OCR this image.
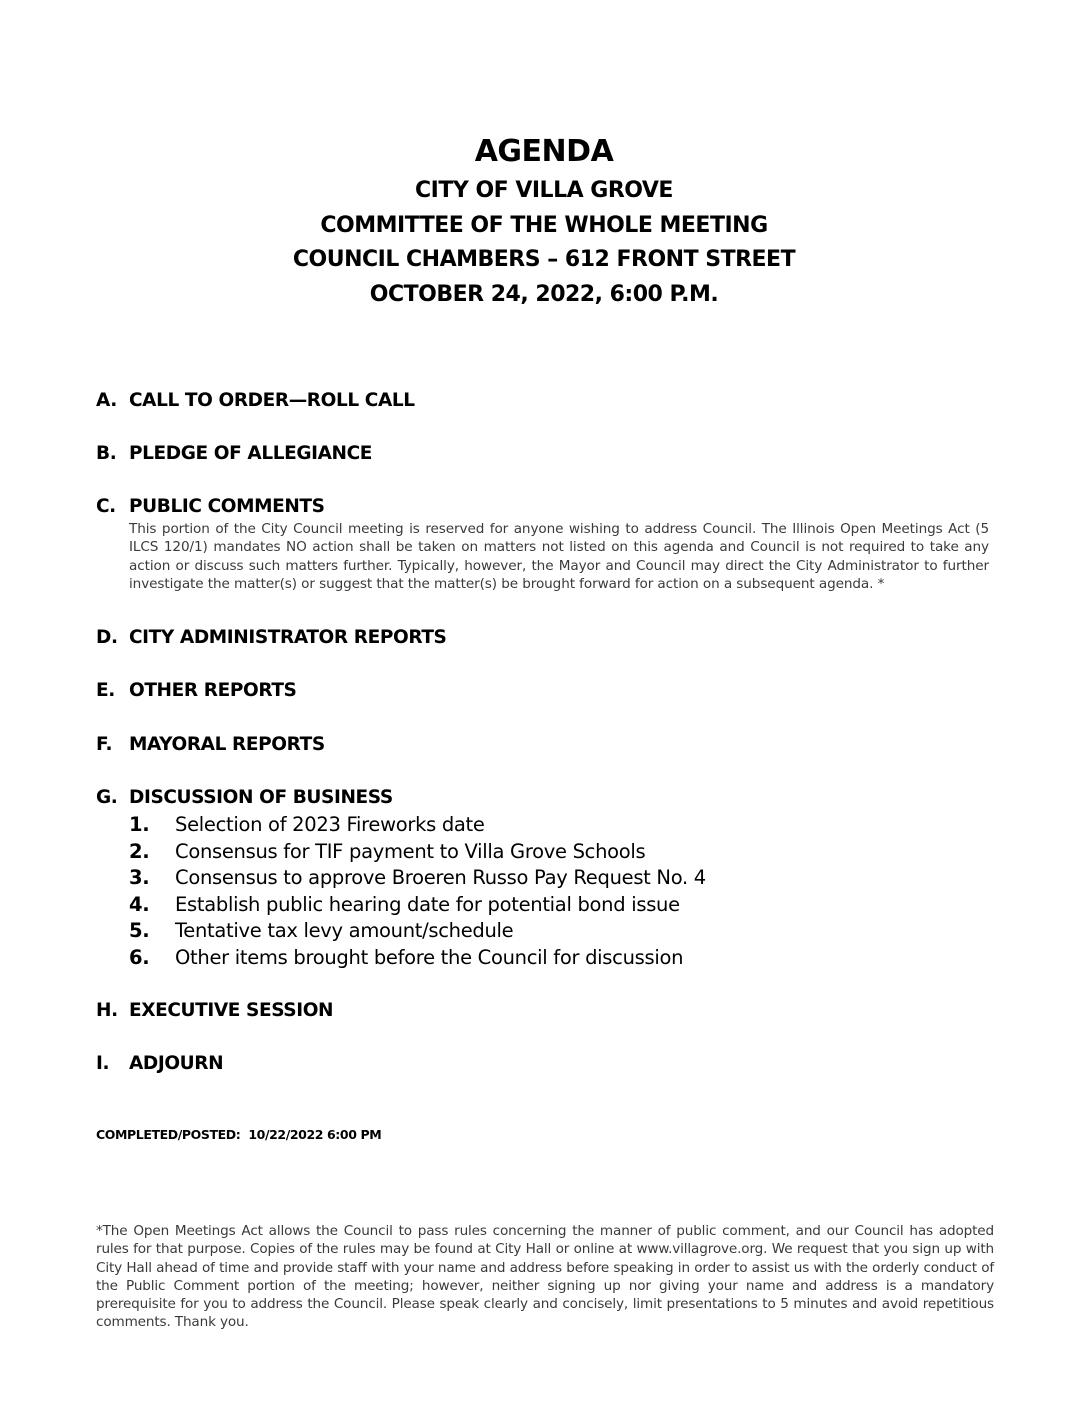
AGENDA
CITY OF VILLA GROVE
COMMITTEE OF THE WHOLE MEETING
COUNCIL CHAMBERS – 612 FRONT STREET
OCTOBER 24, 2022, 6:00 P.M.
A. CALL TO ORDER—ROLL CALL
B. PLEDGE OF ALLEGIANCE
C. PUBLIC COMMENTS
This portion of the City Council meeting is reserved for anyone wishing to address Council. The Illinois Open Meetings Act (5 ILCS 120/1) mandates NO action shall be taken on matters not listed on this agenda and Council is not required to take any action or discuss such matters further. Typically, however, the Mayor and Council may direct the City Administrator to further investigate the matter(s) or suggest that the matter(s) be brought forward for action on a subsequent agenda. *
D. CITY ADMINISTRATOR REPORTS
E. OTHER REPORTS
F. MAYORAL REPORTS
G. DISCUSSION OF BUSINESS
1.	Selection of 2023 Fireworks date
2.	Consensus for TIF payment to Villa Grove Schools
3.	Consensus to approve Broeren Russo Pay Request No. 4
4.	Establish public hearing date for potential bond issue
5.	Tentative tax levy amount/schedule
6.	Other items brought before the Council for discussion
H. EXECUTIVE SESSION
I.	ADJOURN
COMPLETED/POSTED: 10/22/2022 6:00 PM
*The Open Meetings Act allows the Council to pass rules concerning the manner of public comment, and our Council has adopted rules for that purpose. Copies of the rules may be found at City Hall or online at www.villagrove.org. We request that you sign up with City Hall ahead of time and provide staff with your name and address before speaking in order to assist us with the orderly conduct of the Public Comment portion of the meeting; however, neither signing up nor giving your name and address is a mandatory prerequisite for you to address the Council. Please speak clearly and concisely, limit presentations to 5 minutes and avoid repetitious comments. Thank you.
